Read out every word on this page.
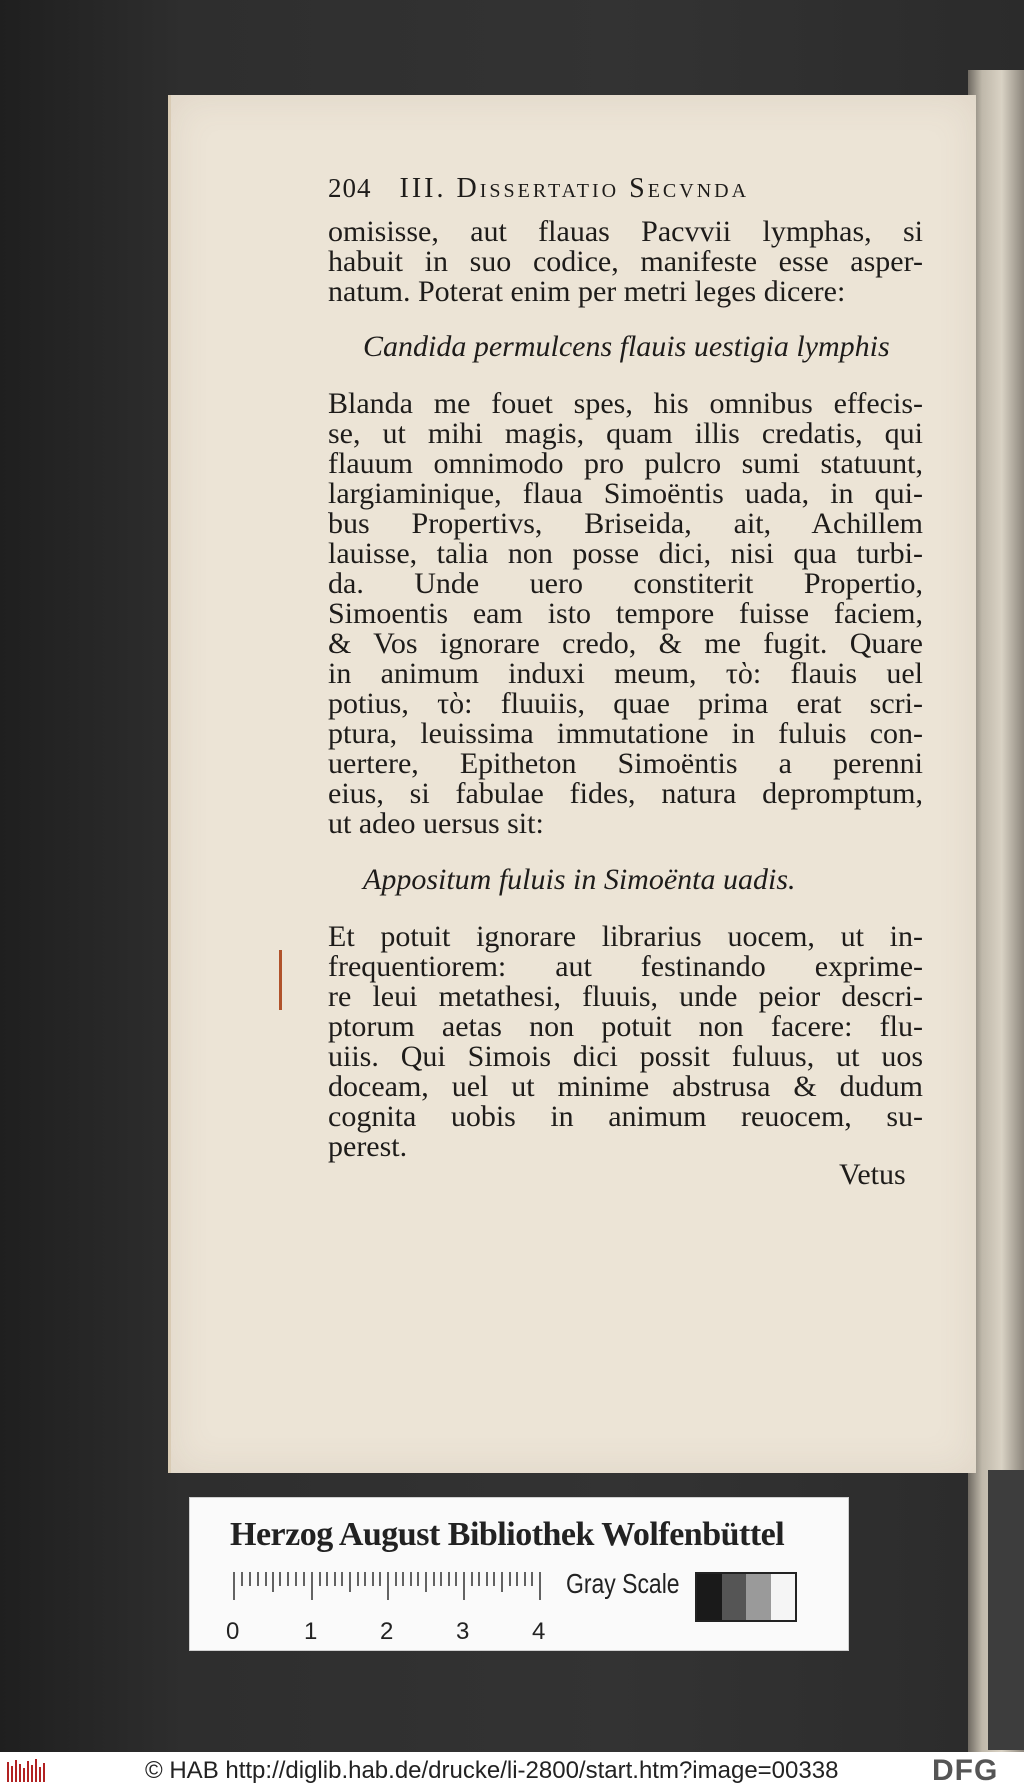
204 III. Dissertatio Secvnda
omisisse, aut flauas Pacvvii lymphas, si
habuit in suo codice, manifeste esse asper-
natum. Poterat enim per metri leges dicere:
Candida permulcens flauis uestigia lymphis
Blanda me fouet spes, his omnibus effecis-
se, ut mihi magis, quam illis credatis, qui
flauum omnimodo pro pulcro sumi statuunt,
largiaminique, flaua Simoëntis uada, in qui-
bus Propertivs, Briseida, ait, Achillem
lauisse, talia non posse dici, nisi qua turbi-
da. Unde uero constiterit Propertio,
Simoentis eam isto tempore fuisse faciem,
& Vos ignorare credo, & me fugit. Quare
in animum induxi meum, τὸ: flauis uel
potius, τὸ: fluuiis, quae prima erat scri-
ptura, leuissima immutatione in fuluis con-
uertere, Epitheton Simoëntis a perenni
eius, si fabulae fides, natura depromptum,
ut adeo uersus sit:
Appositum fuluis in Simoënta uadis.
Et potuit ignorare librarius uocem, ut in-
frequentiorem: aut festinando exprime-
re leui metathesi, fluuis, unde peior descri-
ptorum aetas non potuit non facere: flu-
uiis. Qui Simois dici possit fuluus, ut uos
doceam, uel ut minime abstrusa & dudum
cognita uobis in animum reuocem, su-
perest.
Vetus
Herzog August Bibliothek Wolfenbüttel
0	1	2	3	4
Gray Scale
© HAB http://diglib.hab.de/drucke/li-2800/start.htm?image=00338	DFG
